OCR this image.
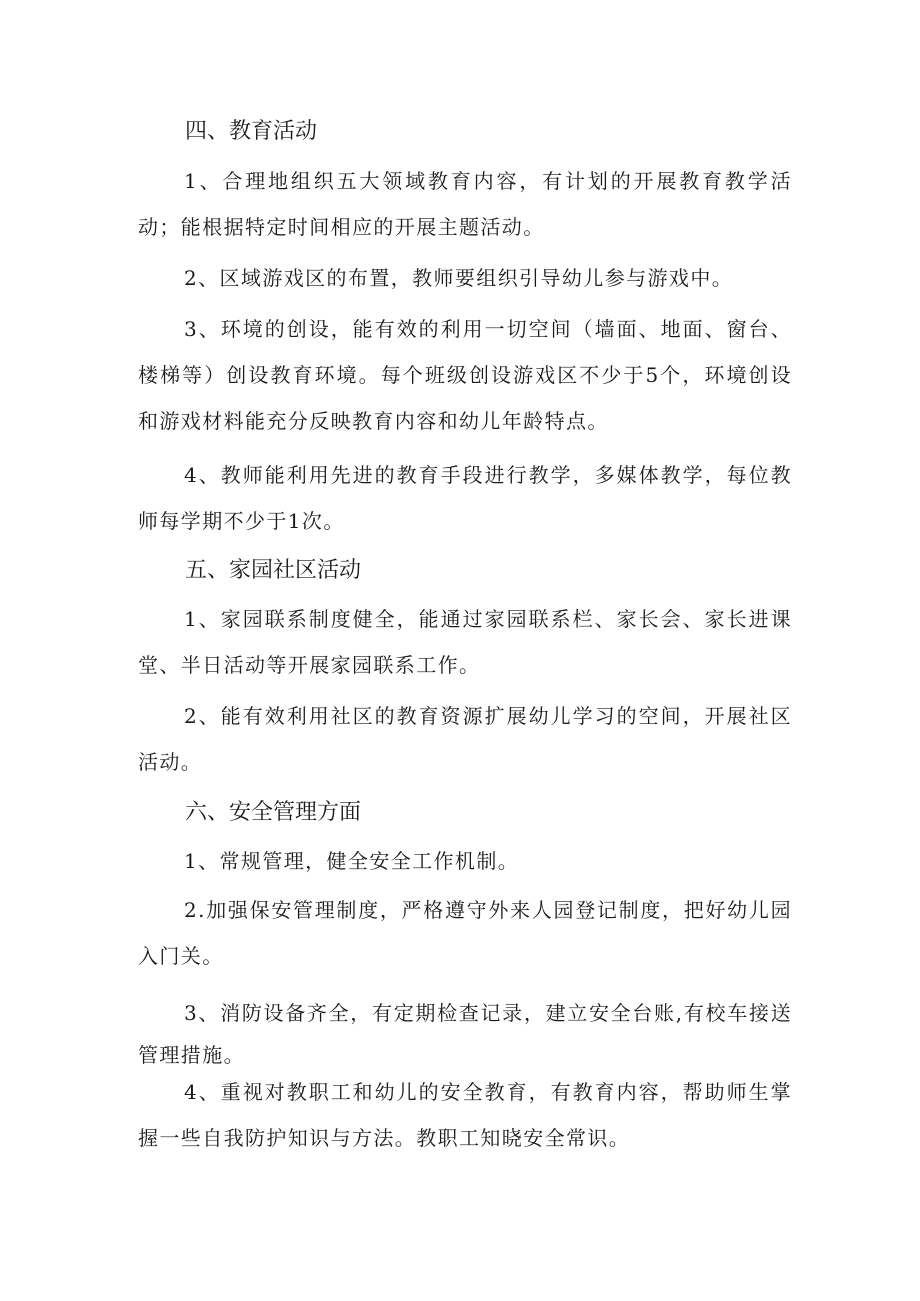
四、教育活动

1、合理地组织五大领域教育内容，有计划的开展教育教学活动；能根据特定时间相应的开展主题活动。

2、区域游戏区的布置，教师要组织引导幼儿参与游戏中。

3、环境的创设，能有效的利用一切空间（墙面、地面、窗台、楼梯等）创设教育环境。每个班级创设游戏区不少于5个，环境创设和游戏材料能充分反映教育内容和幼儿年龄特点。

4、教师能利用先进的教育手段进行教学，多媒体教学，每位教师每学期不少于1次。

五、家园社区活动

1、家园联系制度健全，能通过家园联系栏、家长会、家长进课堂、半日活动等开展家园联系工作。

2、能有效利用社区的教育资源扩展幼儿学习的空间，开展社区活动。

六、安全管理方面

1、常规管理，健全安全工作机制。

2.加强保安管理制度，严格遵守外来人园登记制度，把好幼儿园入门关。

3、消防设备齐全，有定期检查记录，建立安全台账,有校车接送管理措施。

4、重视对教职工和幼儿的安全教育，有教育内容，帮助师生掌握一些自我防护知识与方法。教职工知晓安全常识。
